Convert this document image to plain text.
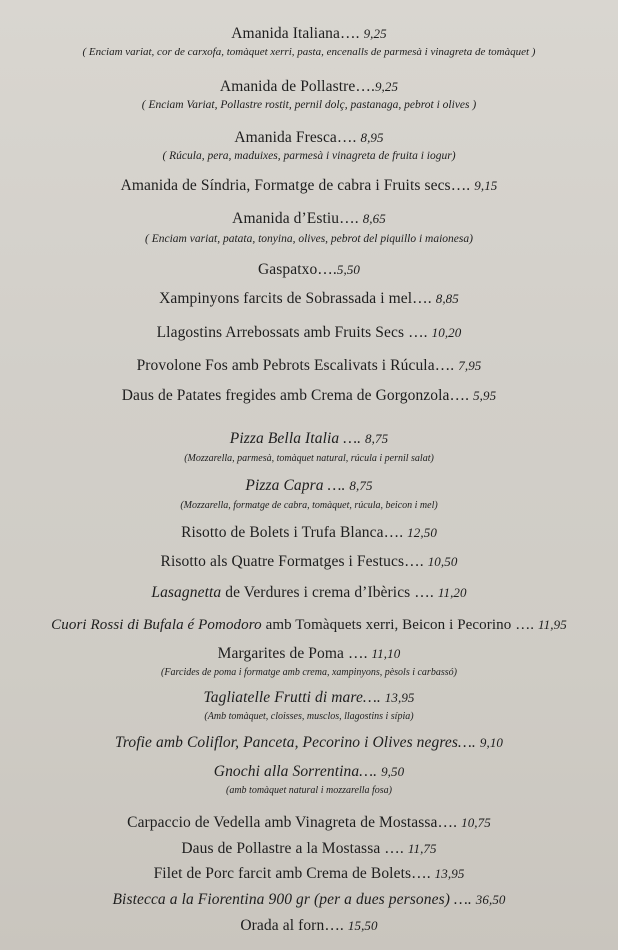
Amanida Italiana…. 9,25
( Enciam variat, cor de carxofa, tomàquet xerri, pasta, encenalls de parmesà i vinagreta de tomàquet )
Amanida de Pollastre….9,25
( Enciam Variat, Pollastre rostit, pernil dolç, pastanaga, pebrot i olives )
Amanida Fresca…. 8,95
( Rúcula, pera, maduixes, parmesà i vinagreta de fruita i iogur)
Amanida de Síndria, Formatge de cabra i Fruits secs…. 9,15
Amanida d’Estiu…. 8,65
( Enciam variat, patata, tonyina, olives, pebrot del piquillo i maionesa)
Gaspatxo….5,50
Xampinyons farcits de Sobrassada i mel…. 8,85
Llagostins Arrebossats amb Fruits Secs …. 10,20
Provolone Fos amb Pebrots Escalivats i Rúcula…. 7,95
Daus de Patates fregides amb Crema de Gorgonzola…. 5,95
Pizza Bella Italia …. 8,75
(Mozzarella, parmesà, tomàquet natural, rúcula i pernil salat)
Pizza Capra …. 8,75
(Mozzarella, formatge de cabra, tomàquet, rúcula, beicon i mel)
Risotto de Bolets i Trufa Blanca…. 12,50
Risotto als Quatre Formatges i Festucs…. 10,50
Lasagnetta de Verdures i crema d’Ibèrics …. 11,20
Cuori Rossi di Bufala é Pomodoro amb Tomàquets xerri, Beicon i Pecorino …. 11,95
Margarites de Poma …. 11,10
(Farcides de poma i formatge amb crema, xampinyons, pèsols i carbassó)
Tagliatelle Frutti di mare…. 13,95
(Amb tomàquet, cloisses, musclos, llagostins i sípia)
Trofie amb Coliflor, Panceta, Pecorino i Olives negres…. 9,10
Gnochi alla Sorrentina…. 9,50
(amb tomàquet natural i mozzarella fosa)
Carpaccio de Vedella amb Vinagreta de Mostassa…. 10,75
Daus de Pollastre a la Mostassa …. 11,75
Filet de Porc farcit amb Crema de Bolets…. 13,95
Bistecca a la Fiorentina 900 gr (per a dues persones) …. 36,50
Orada al forn…. 15,50
